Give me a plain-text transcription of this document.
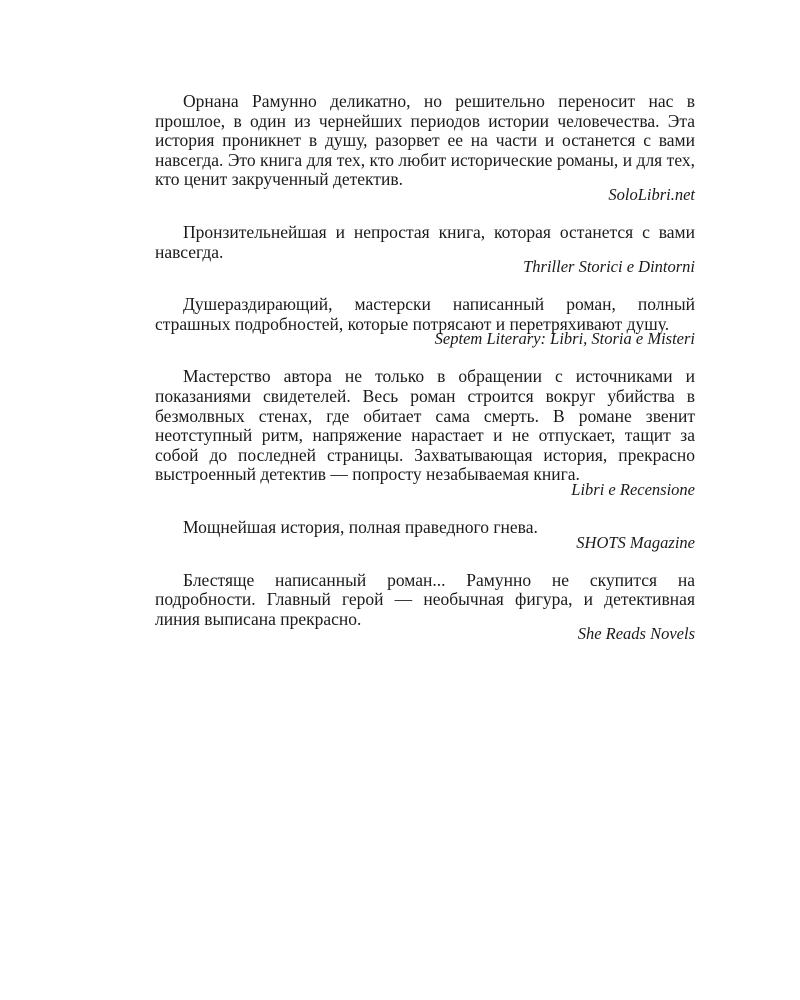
Орнана Рамунно деликатно, но решительно переносит нас в прошлое, в один из чернейших периодов истории человечества. Эта история проникнет в душу, разорвет ее на части и останется с вами навсегда. Это книга для тех, кто любит исторические романы, и для тех, кто ценит закрученный детектив.

SoloLibri.net

Пронзительнейшая и непростая книга, которая останется с вами навсегда.

Thriller Storici e Dintorni

Душераздирающий, мастерски написанный роман, полный страшных подробностей, которые потрясают и перетряхивают душу.

Septem Literary: Libri, Storia e Misteri

Мастерство автора не только в обращении с источниками и показаниями свидетелей. Весь роман строится вокруг убийства в безмолвных стенах, где обитает сама смерть. В романе звенит неотступный ритм, напряжение нарастает и не отпускает, тащит за собой до последней страницы. Захватывающая история, прекрасно выстроенный детектив — попросту незабываемая книга.

Libri e Recensione

Мощнейшая история, полная праведного гнева.

SHOTS Magazine

Блестяще написанный роман... Рамунно не скупится на подробности. Главный герой — необычная фигура, и детективная линия выписана прекрасно.

She Reads Novels
